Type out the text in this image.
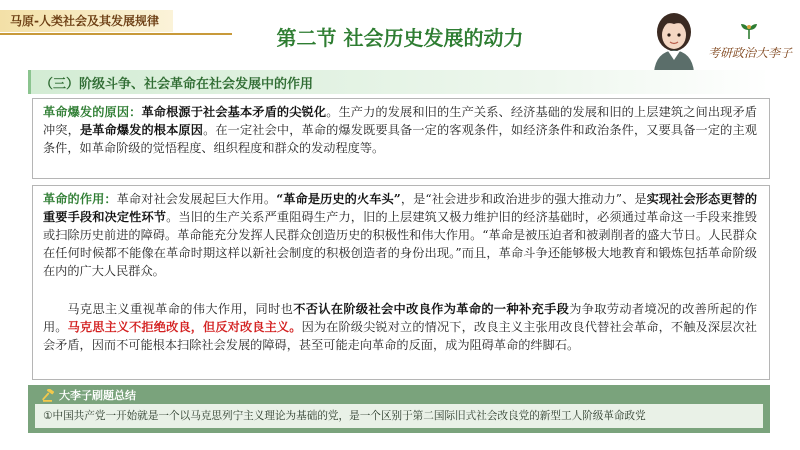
马原-人类社会及其发展规律
第二节 社会历史发展的动力
考研政治大李子
（三）阶级斗争、社会革命在社会发展中的作用
革命爆发的原因：革命根源于社会基本矛盾的尖锐化。生产力的发展和旧的生产关系、经济基础的发展和旧的上层建筑之间出现矛盾冲突，是革命爆发的根本原因。在一定社会中，革命的爆发既要具备一定的客观条件，如经济条件和政治条件，又要具备一定的主观条件，如革命阶级的觉悟程度、组织程度和群众的发动程度等。
革命的作用：革命对社会发展起巨大作用。“革命是历史的火车头”，是“社会进步和政治进步的强大推动力”、是实现社会形态更替的重要手段和决定性环节。当旧的生产关系严重阻碍生产力，旧的上层建筑又极力维护旧的经济基础时，必须通过革命这一手段来推毁或扫除历史前进的障碍。革命能充分发挥人民群众创造历史的积极性和伟大作用。“革命是被压迫者和被剥削者的盛大节日。人民群众在任何时候都不能像在革命时期这样以新社会制度的积极创造者的身份出现。”而且，革命斗争还能够极大地教育和锻炼包括革命阶级在内的广大人民群众。
马克思主义重视革命的伟大作用，同时也不否认在阶级社会中改良作为革命的一种补充手段为争取劳动者境况的改善所起的作用。马克思主义不拒绝改良，但反对改良主义。因为在阶级尖锐对立的情况下，改良主义主张用改良代替社会革命，不触及深层次社会矛盾，因而不可能根本扫除社会发展的障碍，甚至可能走向革命的反面，成为阻碍革命的绊脚石。
大李子刷题总结
①中国共产党一开始就是一个以马克思列宁主义理论为基础的党，是一个区别于第二国际旧式社会改良党的新型工人阶级革命政党
